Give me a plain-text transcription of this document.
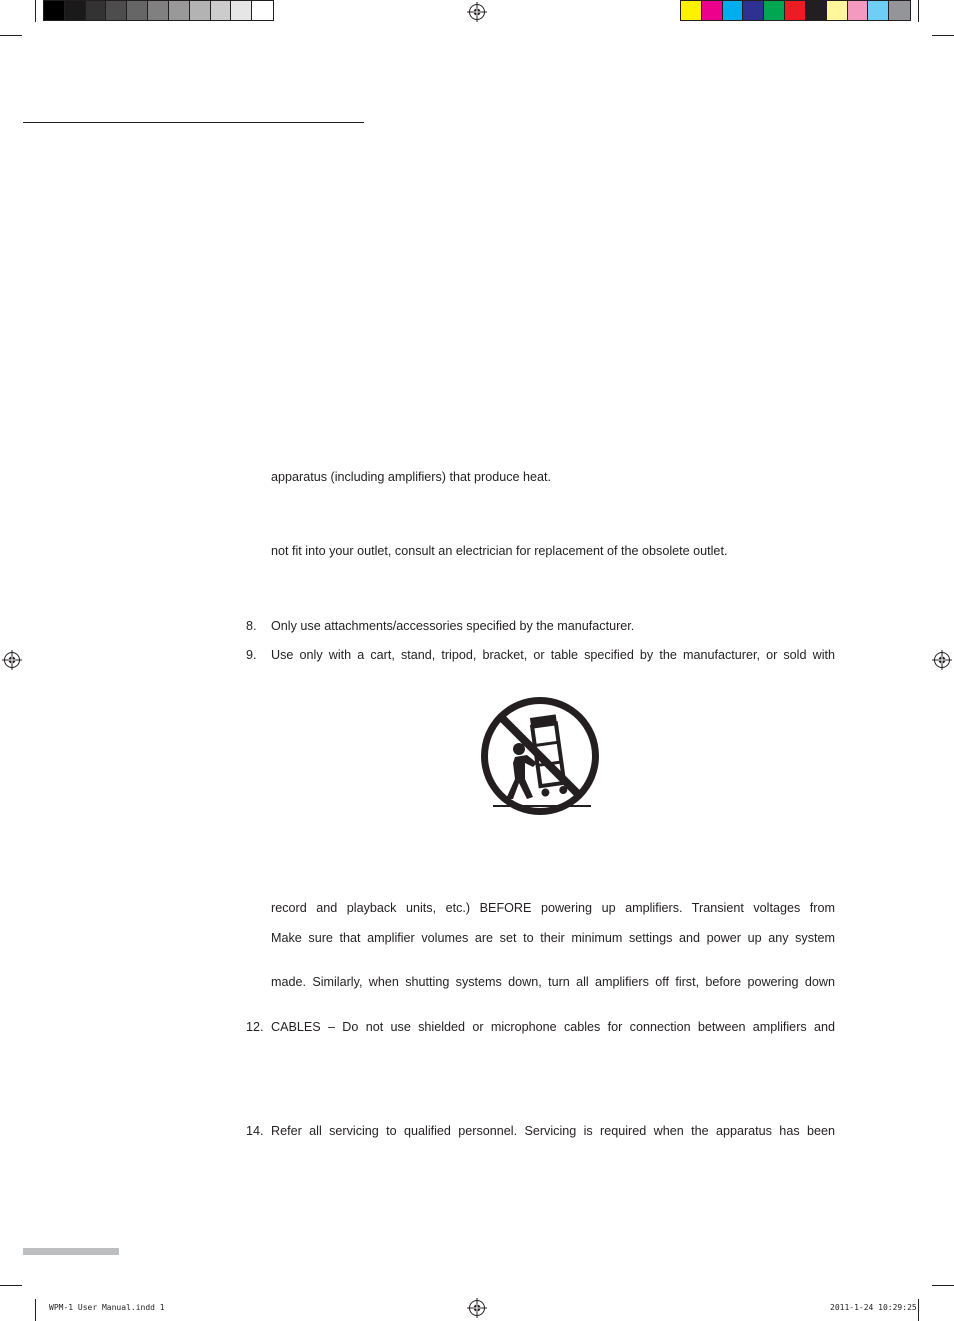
apparatus (including amplifiers) that produce heat.
not fit into your outlet, consult an electrician for replacement of the obsolete outlet.
8. Only use attachments/accessories specified by the manufacturer.
9. Use only with a cart, stand, tripod, bracket, or table specified by the manufacturer, or sold with
record and playback units, etc.) BEFORE powering up amplifiers. Transient voltages from
Make sure that amplifier volumes are set to their minimum settings and power up any system
made. Similarly, when shutting systems down, turn all amplifiers off first, before powering down
12. CABLES – Do not use shielded or microphone cables for connection between amplifiers and
14. Refer all servicing to qualified personnel. Servicing is required when the apparatus has been
WPM-1 User Manual.indd 1	2011-1-24 10:29:25
